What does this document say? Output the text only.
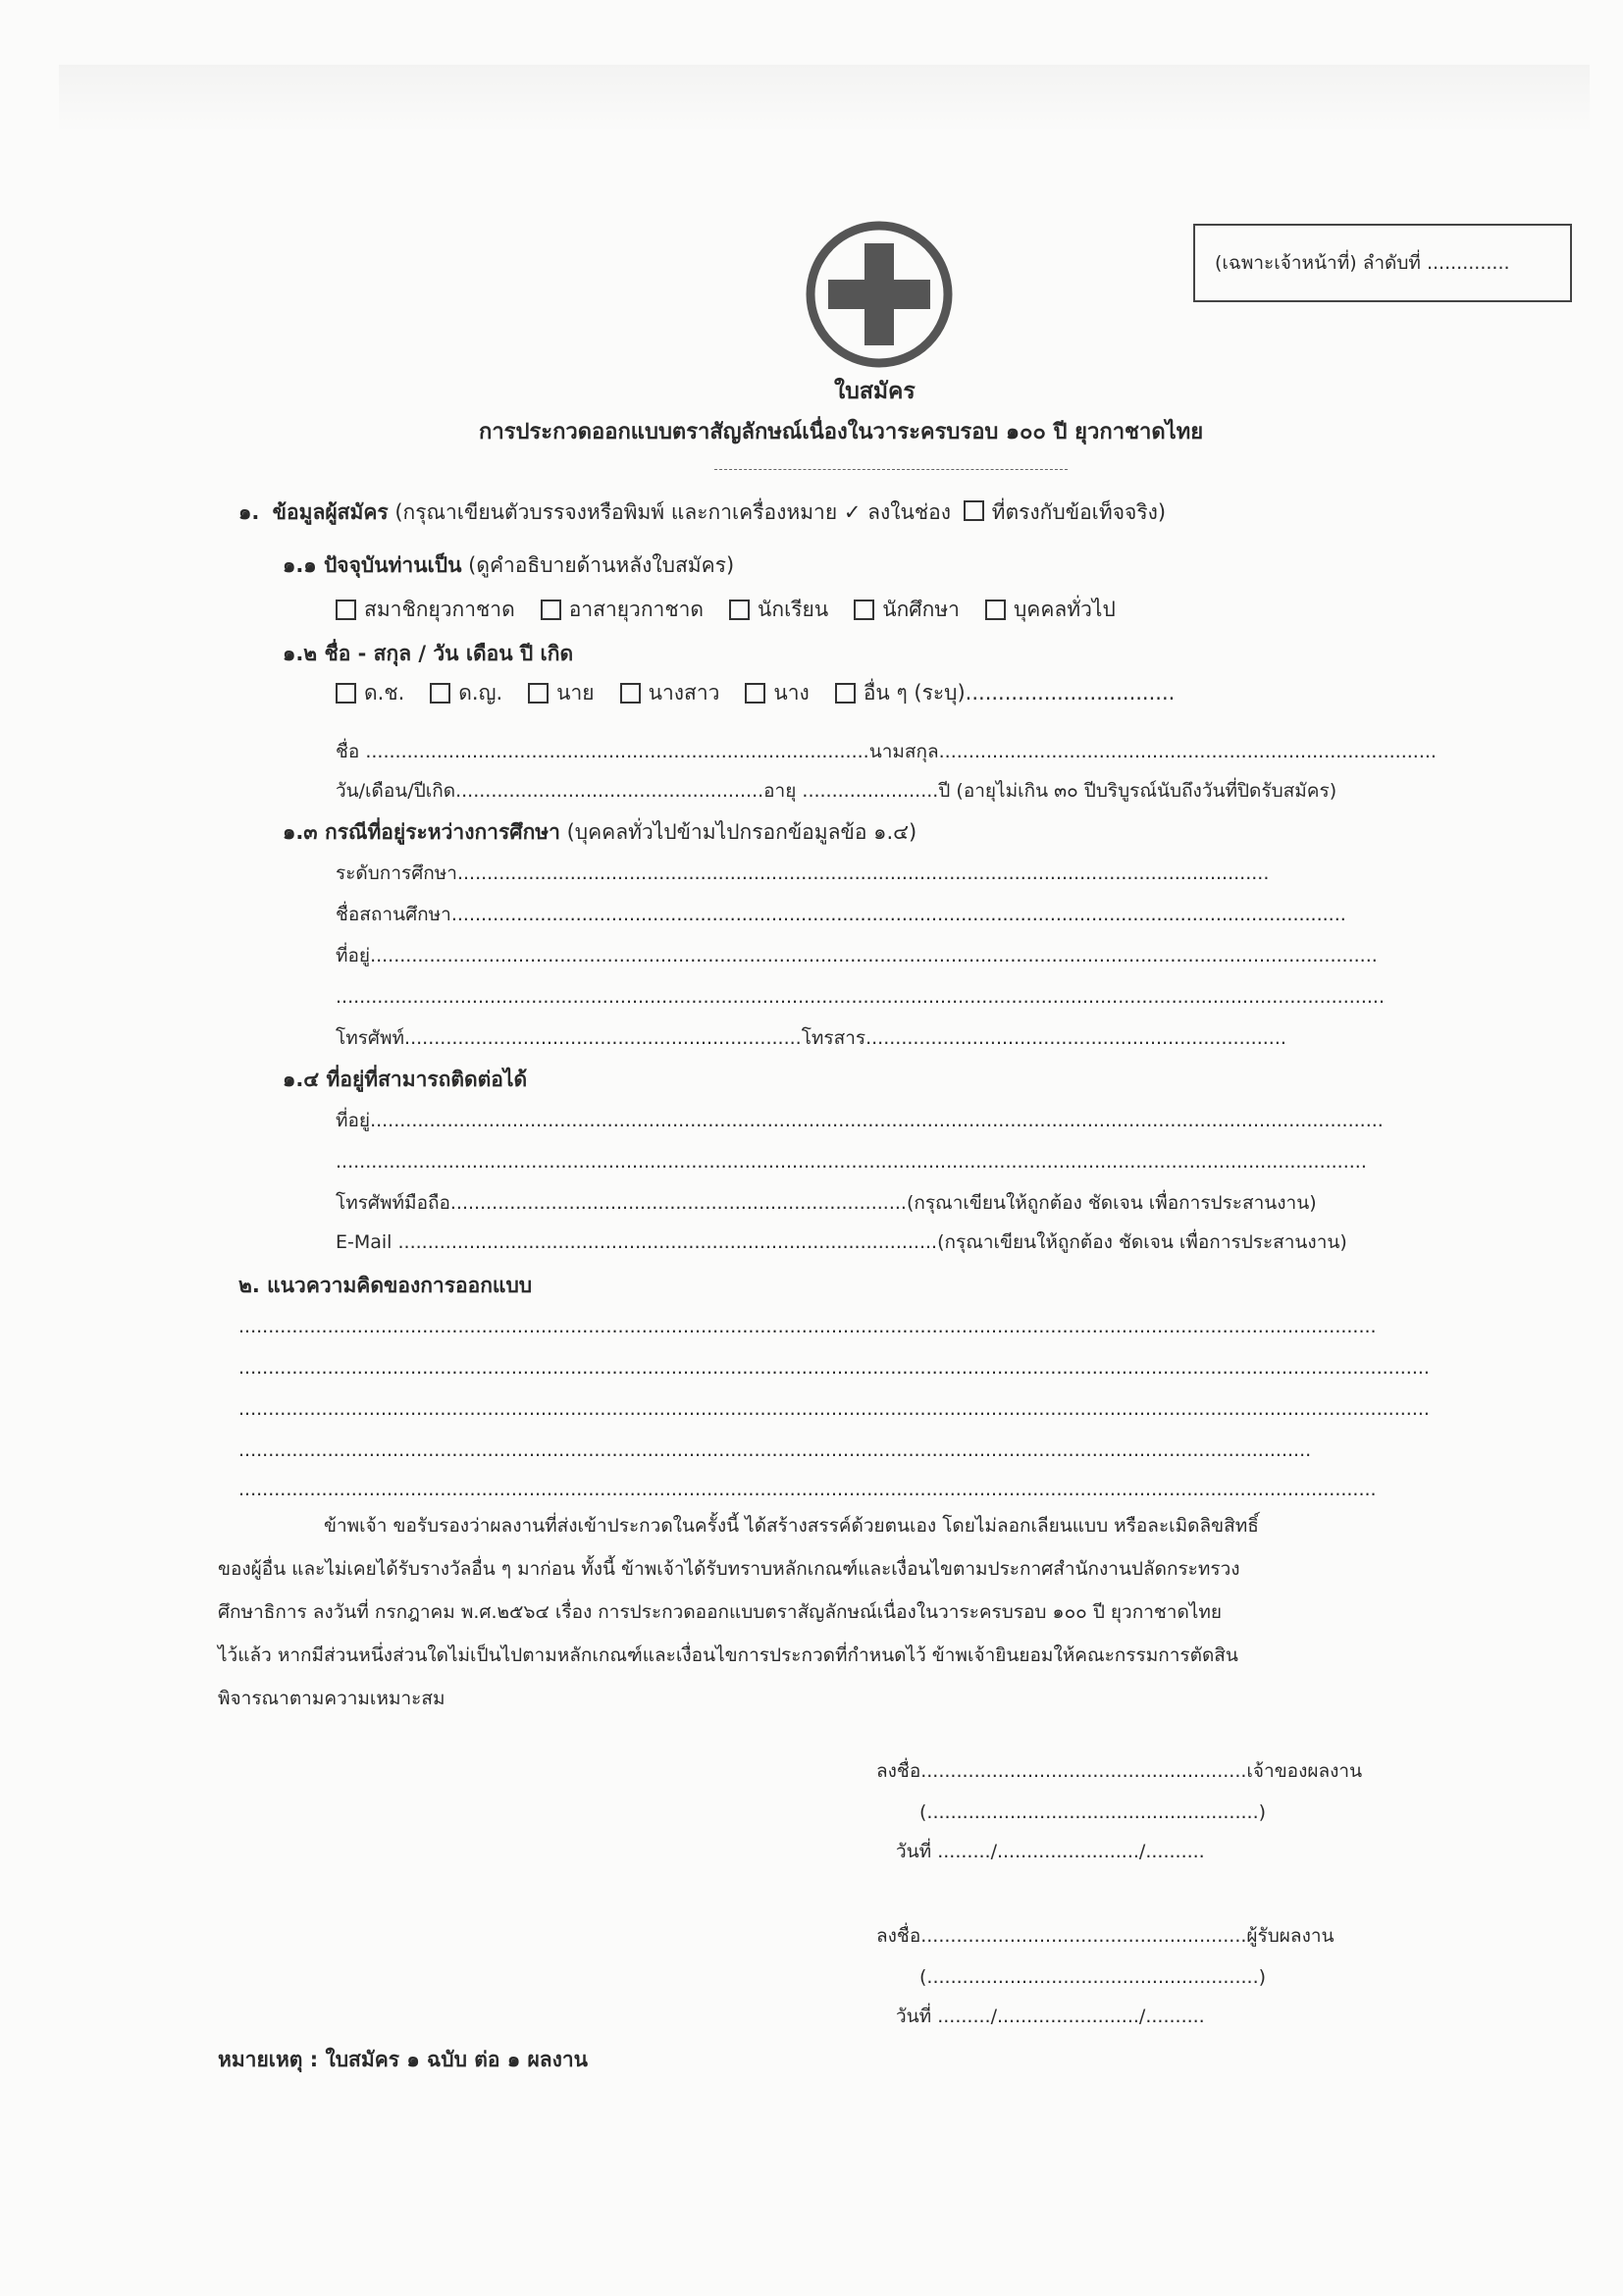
(เฉพาะเจ้าหน้าที่) ลำดับที่ ..............
ใบสมัคร
การประกวดออกแบบตราสัญลักษณ์เนื่องในวาระครบรอบ ๑๐๐ ปี ยุวกาชาดไทย
๑. ข้อมูลผู้สมัคร (กรุณาเขียนตัวบรรจงหรือพิมพ์ และกาเครื่องหมาย ✓ ลงในช่อง ที่ตรงกับข้อเท็จจริง)
๑.๑ ปัจจุบันท่านเป็น (ดูคำอธิบายด้านหลังใบสมัคร)
สมาชิกยุวกาชาด	อาสายุวกาชาด	นักเรียน	นักศึกษา	บุคคลทั่วไป
๑.๒ ชื่อ - สกุล / วัน เดือน ปี เกิด
ด.ช.	ด.ญ.	นาย	นางสาว	นาง	อื่น ๆ (ระบุ)................................
ชื่อ .....................................................................................นามสกุล....................................................................................
วัน/เดือน/ปีเกิด....................................................อายุ .......................ปี (อายุไม่เกิน ๓๐ ปีบริบูรณ์นับถึงวันที่ปิดรับสมัคร)
๑.๓ กรณีที่อยู่ระหว่างการศึกษา (บุคคลทั่วไปข้ามไปกรอกข้อมูลข้อ ๑.๔)
ระดับการศึกษา.........................................................................................................................................
ชื่อสถานศึกษา.......................................................................................................................................................
ที่อยู่..........................................................................................................................................................................
.................................................................................................................................................................................
โทรศัพท์...................................................................โทรสาร.......................................................................
๑.๔ ที่อยู่ที่สามารถติดต่อได้
ที่อยู่...........................................................................................................................................................................
..............................................................................................................................................................................
โทรศัพท์มือถือ.............................................................................(กรุณาเขียนให้ถูกต้อง ชัดเจน เพื่อการประสานงาน)
E-Mail ...........................................................................................(กรุณาเขียนให้ถูกต้อง ชัดเจน เพื่อการประสานงาน)
๒. แนวความคิดของการออกแบบ
................................................................................................................................................................................................
.........................................................................................................................................................................................................
.........................................................................................................................................................................................................
.....................................................................................................................................................................................
................................................................................................................................................................................................
ข้าพเจ้า ขอรับรองว่าผลงานที่ส่งเข้าประกวดในครั้งนี้ ได้สร้างสรรค์ด้วยตนเอง โดยไม่ลอกเลียนแบบ หรือละเมิดลิขสิทธิ์
ของผู้อื่น และไม่เคยได้รับรางวัลอื่น ๆ มาก่อน ทั้งนี้ ข้าพเจ้าได้รับทราบหลักเกณฑ์และเงื่อนไขตามประกาศสำนักงานปลัดกระทรวง
ศึกษาธิการ ลงวันที่ กรกฎาคม พ.ศ.๒๕๖๔ เรื่อง การประกวดออกแบบตราสัญลักษณ์เนื่องในวาระครบรอบ ๑๐๐ ปี ยุวกาชาดไทย
ไว้แล้ว หากมีส่วนหนึ่งส่วนใดไม่เป็นไปตามหลักเกณฑ์และเงื่อนไขการประกวดที่กำหนดไว้ ข้าพเจ้ายินยอมให้คณะกรรมการตัดสิน
พิจารณาตามความเหมาะสม
ลงชื่อ.......................................................เจ้าของผลงาน
(........................................................)
วันที่ ........./......................../..........
ลงชื่อ.......................................................ผู้รับผลงาน
(........................................................)
วันที่ ........./......................../..........
หมายเหตุ : ใบสมัคร ๑ ฉบับ ต่อ ๑ ผลงาน
